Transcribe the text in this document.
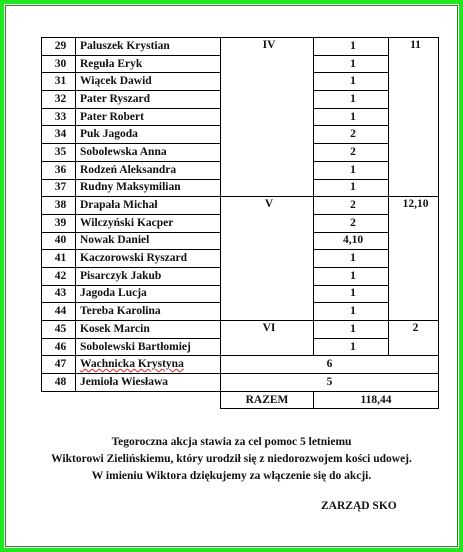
29	Paluszek Krystian	IV	1	11
30	Reguła Eryk		1	
31	Wiącek Dawid		1	
32	Pater Ryszard		1	
33	Pater Robert		1	
34	Puk Jagoda		2	
35	Sobolewska Anna		2	
36	Rodzeń Aleksandra		1	
37	Rudny Maksymilian		1	
38	Drapała Michał	V	2	12,10
39	Wilczyński Kacper		2	
40	Nowak Daniel		4,10	
41	Kaczorowski Ryszard		1	
42	Pisarczyk Jakub		1	
43	Jagoda Lucja		1	
44	Tereba Karolina		1	
45	Kosek Marcin	VI	1	2
46	Sobolewski Bartłomiej		1	
47	Wachnicka Krystyna	6		
48	Jemioła Wiesława	5		
		RAZEM	118,44	
Tegoroczna akcja stawia za cel pomoc 5 letniemu
Wiktorowi Zielińskiemu, który urodził się z niedorozwojem kości udowej.
W imieniu Wiktora dziękujemy za włączenie się do akcji.
ZARZĄD SKO
